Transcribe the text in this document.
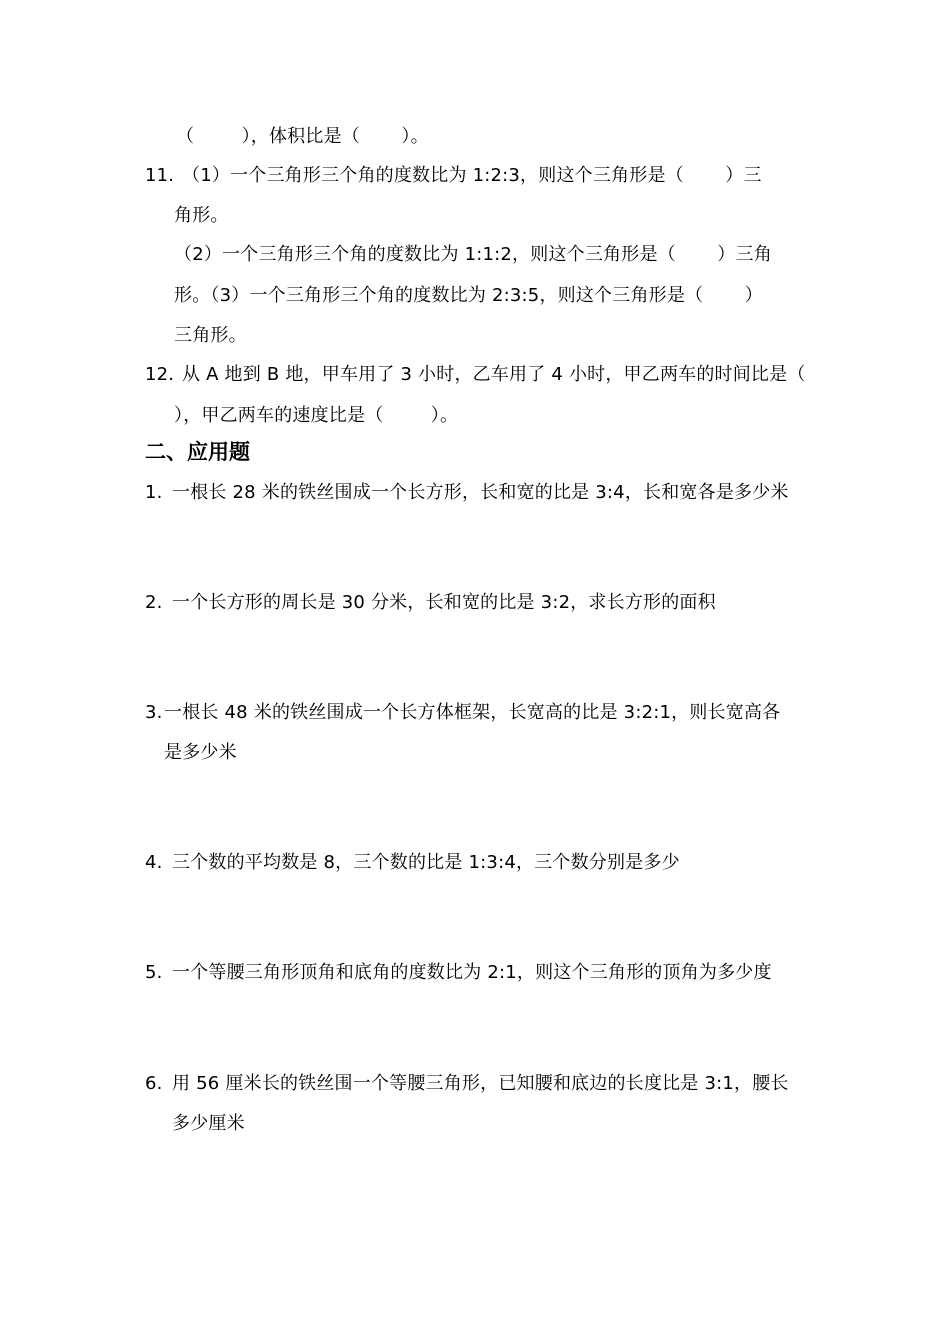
（        ），体积比是（       ）。
11. （1）一个三角形三个角的度数比为 1:2:3，则这个三角形是（       ）三
角形。
（2）一个三角形三个角的度数比为 1:1:2，则这个三角形是（       ）三角
形。（3）一个三角形三个角的度数比为 2:3:5，则这个三角形是（       ）
三角形。
12. 从 A 地到 B 地，甲车用了 3 小时，乙车用了 4 小时，甲乙两车的时间比是（
），甲乙两车的速度比是（        ）。
二、应用题
1. 一根长 28 米的铁丝围成一个长方形，长和宽的比是 3:4，长和宽各是多少米
2. 一个长方形的周长是 30 分米，长和宽的比是 3:2，求长方形的面积
3. 一根长 48 米的铁丝围成一个长方体框架，长宽高的比是 3:2:1，则长宽高各
是多少米
4. 三个数的平均数是 8，三个数的比是 1:3:4，三个数分别是多少
5. 一个等腰三角形顶角和底角的度数比为 2:1，则这个三角形的顶角为多少度
6. 用 56 厘米长的铁丝围一个等腰三角形，已知腰和底边的长度比是 3:1，腰长
多少厘米
